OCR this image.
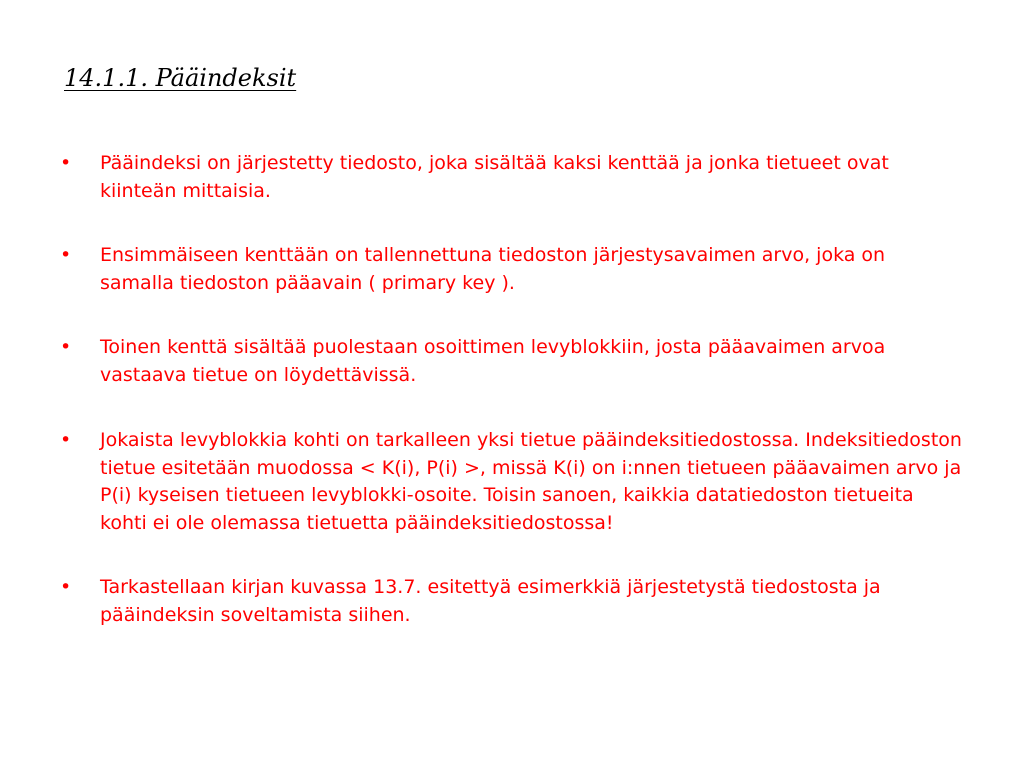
14.1.1. Pääindeksit
• Pääindeksi on järjestetty tiedosto, joka sisältää kaksi kenttää ja jonka tietueet ovat kiinteän mittaisia.
• Ensimmäiseen kenttään on tallennettuna tiedoston järjestysavaimen arvo, joka on samalla tiedoston pääavain ( primary key ).
• Toinen kenttä sisältää puolestaan osoittimen levyblokkiin, josta pääavaimen arvoa vastaava tietue on löydettävissä.
• Jokaista levyblokkia kohti on tarkalleen yksi tietue pääindeksitiedostossa. Indeksitiedoston tietue esitetään muodossa < K(i), P(i) >, missä K(i) on i:nnen tietueen pääavaimen arvo ja P(i) kyseisen tietueen levyblokki-osoite. Toisin sanoen, kaikkia datatiedoston tietueita kohti ei ole olemassa tietuetta pääindeksitiedostossa!
• Tarkastellaan kirjan kuvassa 13.7. esitettyä esimerkkiä järjestetystä tiedostosta ja pääindeksin soveltamista siihen.
